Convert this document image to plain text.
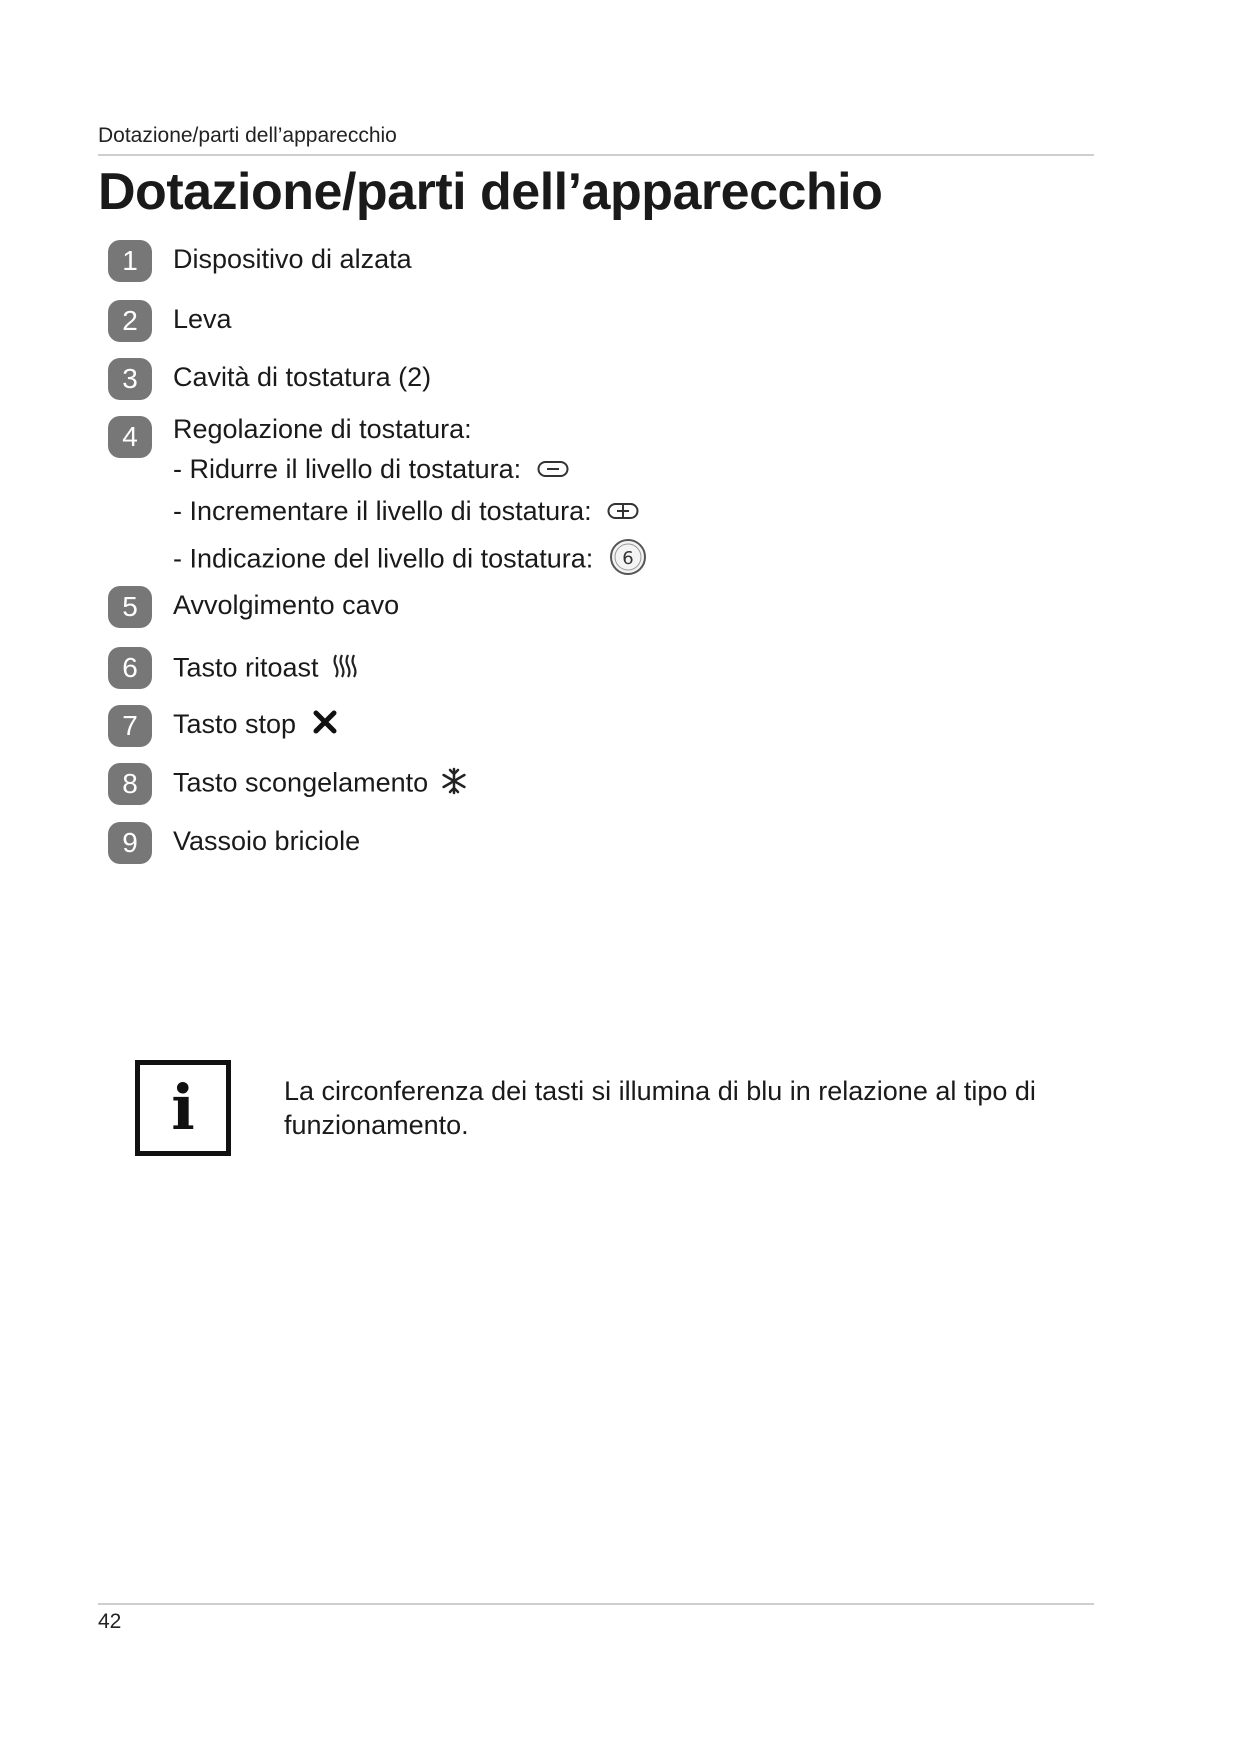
Dotazione/parti dell’apparecchio
Dotazione/parti dell’apparecchio
1	Dispositivo di alzata
2	Leva
3	Cavità di tostatura (2)
4	Regolazione di tostatura:
- Ridurre il livello di tostatura:
- Incrementare il livello di tostatura:
- Indicazione del livello di tostatura: 6
5	Avvolgimento cavo
6	Tasto ritoast
7	Tasto stop
8	Tasto scongelamento
9	Vassoio briciole
i	La circonferenza dei tasti si illumina di blu in relazione al tipo di funzionamento.
42
